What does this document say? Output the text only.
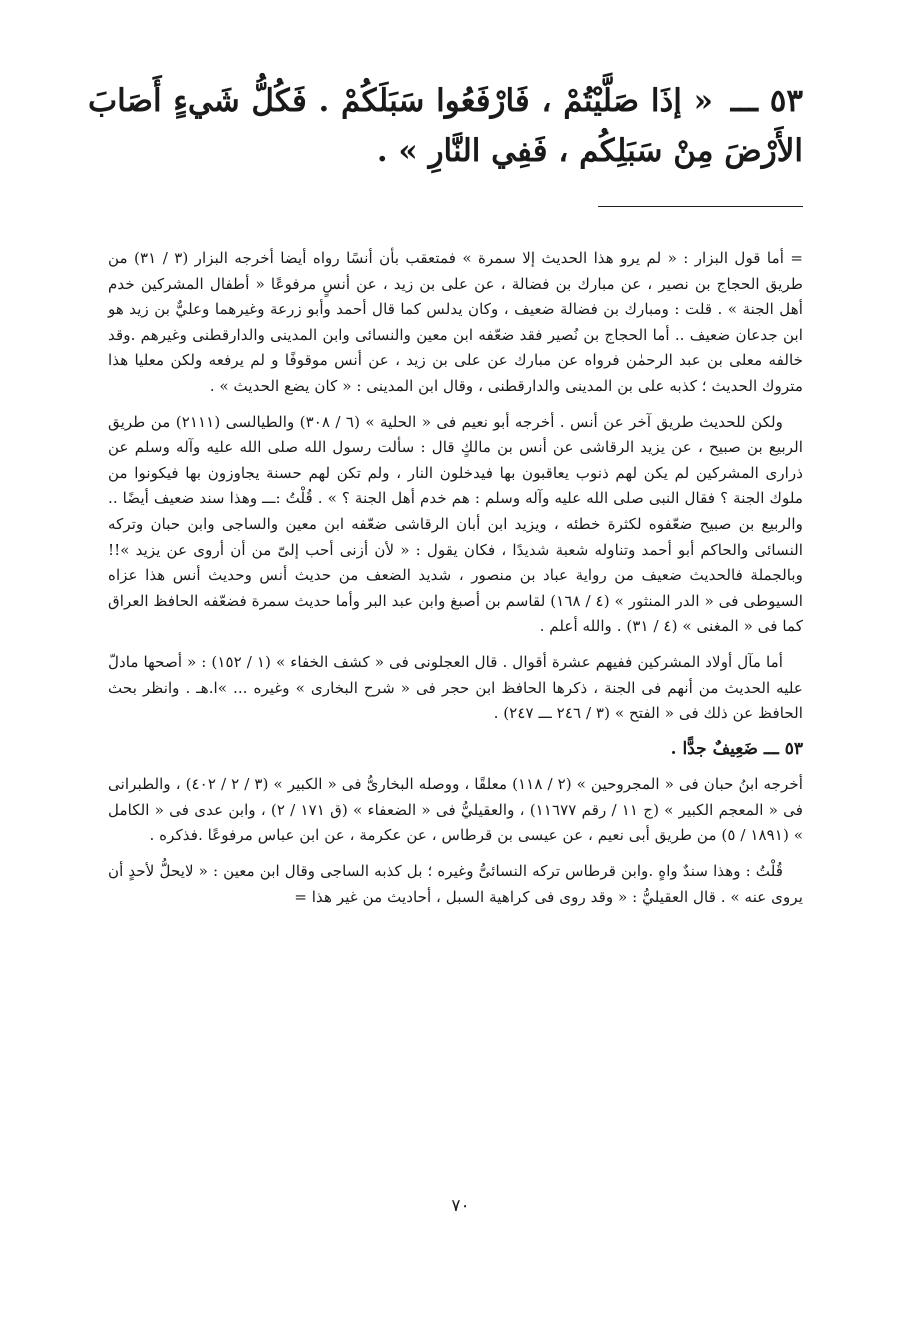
٥٣ ـــ « إذَا صَلَّيْتُمْ ، فَارْفَعُوا سَبَلَكُمْ . فَكُلُّ شَيءٍ أَصَابَ الأَرْضَ مِنْ سَبَلِكُم ، فَفِي النَّارِ » .

= أما قول البزار : « لم يرو هذا الحديث إلا سمرة » فمتعقب بأن أنسًا رواه أيضا أخرجه البزار (٣ / ٣١) من طريق الحجاج بن نصير ، عن مبارك بن فضالة ، عن على بن زيد ، عن أنسٍ مرفوعًا « أطفال المشركين خدم أهل الجنة » . قلت : ومبارك بن فضالة ضعيف ، وكان يدلس كما قال أحمد وأبو زرعة وغيرهما وعليٌّ بن زيد هو ابن جدعان ضعيف .. أما الحجاج بن نُصير فقد ضعّفه ابن معين والنسائى وابن المدينى والدارقطنى وغيرهم .وقد خالفه معلى بن عبد الرحمٰن فرواه عن مبارك عن على بن زيد ، عن أنس موقوفًا و لم يرفعه ولكن معليا هذا متروك الحديث ؛ كذبه على بن المدينى والدارقطنى ، وقال ابن المدينى : « كان يضع الحديث » .

ولكن للحديث طريق آخر عن أنس . أخرجه أبو نعيم فى « الحلية » (٦ / ٣٠٨) والطيالسى (٢١١١) من طريق الربيع بن صبيح ، عن يزيد الرقاشى عن أنس بن مالكٍ قال : سألت رسول الله صلى الله عليه وآله وسلم عن ذرارى المشركين لم يكن لهم ذنوب يعاقبون بها فيدخلون النار ، ولم تكن لهم حسنة يجاوزون بها فيكونوا من ملوك الجنة ؟ فقال النبى صلى الله عليه وآله وسلم : هم خدم أهل الجنة ؟ » . قُلْتُ :ـــ وهذا سند ضعيف أيضًا .. والربيع بن صبيح ضعّفوه لكثرة خطئه ، ويزيد ابن أبان الرقاشى ضعّفه ابن معين والساجى وابن حبان وتركه النسائى والحاكم أبو أحمد وتناوله شعبة شديدًا ، فكان يقول : « لأن أزنى أحب إلىّ من أن أروى عن يزيد »!! وبالجملة فالحديث ضعيف من رواية عباد بن منصور ، شديد الضعف من حديث أنس وحديث أنس هذا عزاه السيوطى فى « الدر المنثور » (٤ / ١٦٨) لقاسم بن أصبغ وابن عبد البر وأما حديث سمرة فضعّفه الحافظ العراق كما فى « المغنى » (٤ / ٣١) . والله أعلم .

أما مآل أولاد المشركين ففيهم عشرة أقوال . قال العجلونى فى « كشف الخفاء » (١ / ١٥٢) : « أصحها مادلّ عليه الحديث من أنهم فى الجنة ، ذكرها الحافظ ابن حجر فى « شرح البخارى » وغيره ... »ا.هـ . وانظر بحث الحافظ عن ذلك فى « الفتح » (٣ / ٢٤٦ ـــ ٢٤٧) .

٥٣ ـــ ضَعِيفٌ جدًّا .

أخرجه ابنُ حبان فى « المجروحين » (٢ / ١١٨) معلقًا ، ووصله البخارىُّ فى « الكبير » (٣ / ٢ / ٤٠٢) ، والطبرانى فى « المعجم الكبير » (ج ١١ / رقم ١١٦٧٧) ، والعقيليُّ فى « الضعفاء » (ق ١٧١ / ٢) ، وابن عدى فى « الكامل » (١٨٩١ / ٥) من طريق أبى نعيم ، عن عيسى بن قرطاس ، عن عكرمة ، عن ابن عباس مرفوعًا .فذكره .

قُلْتُ : وهذا سندٌ واهٍ .وابن قرطاس تركه النسائىُّ وغيره ؛ بل كذبه الساجى وقال ابن معين : « لايحلُّ لأحدٍ أن يروى عنه » . قال العقيليُّ : « وقد روى فى كراهية السبل ، أحاديث من غير هذا =

٧٠
